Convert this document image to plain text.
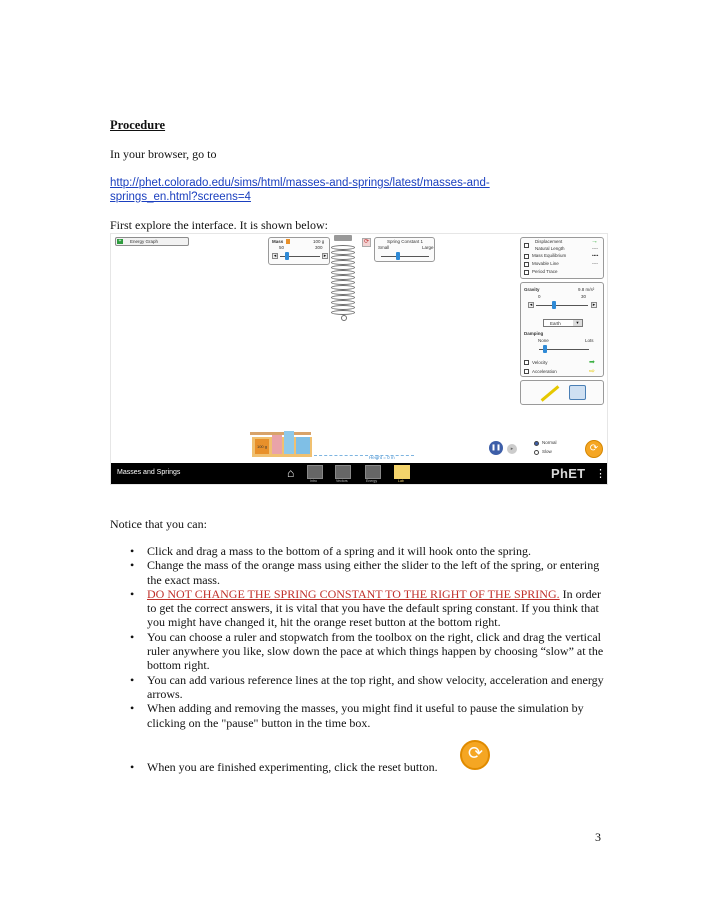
Procedure
In your browser, go to
http://phet.colorado.edu/sims/html/masses-and-springs/latest/masses-and-
springs_en.html?screens=4
First explore the interface. It is shown below:
+	Energy Graph	Mass	100 g
50	300
◂	▸
⟳	Spring Constant 1
Small	Large
Displacement	→
Natural Length	----
Mass Equilibrium	••••
Movable Line	----
Period Trace
Gravity	9.8 m/s²
0	30
◂	▸
Earth	▼
Damping
None	Lots
Velocity	➡
Acceleration	⇨
100 g
Height = 0 m
❚❚	▸
Normal
Slow	⟳
Masses and Springs	⌂
Intro	Vectors	Energy	Lab	PhET ⋮
Notice that you can:
• Click and drag a mass to the bottom of a spring and it will hook onto the spring.
• Change the mass of the orange mass using either the slider to the left of the spring, or entering the exact mass.
• DO NOT CHANGE THE SPRING CONSTANT TO THE RIGHT OF THE SPRING. In order to get the correct answers, it is vital that you have the default spring constant. If you think that you might have changed it, hit the orange reset button at the bottom right.
• You can choose a ruler and stopwatch from the toolbox on the right, click and drag the vertical ruler anywhere you like, slow down the pace at which things happen by choosing “slow” at the bottom right.
• You can add various reference lines at the top right, and show velocity, acceleration and energy arrows.
• When adding and removing the masses, you might find it useful to pause the simulation by clicking on the "pause" button in the time box.
• When you are finished experimenting, click the reset button.
⟳
3
